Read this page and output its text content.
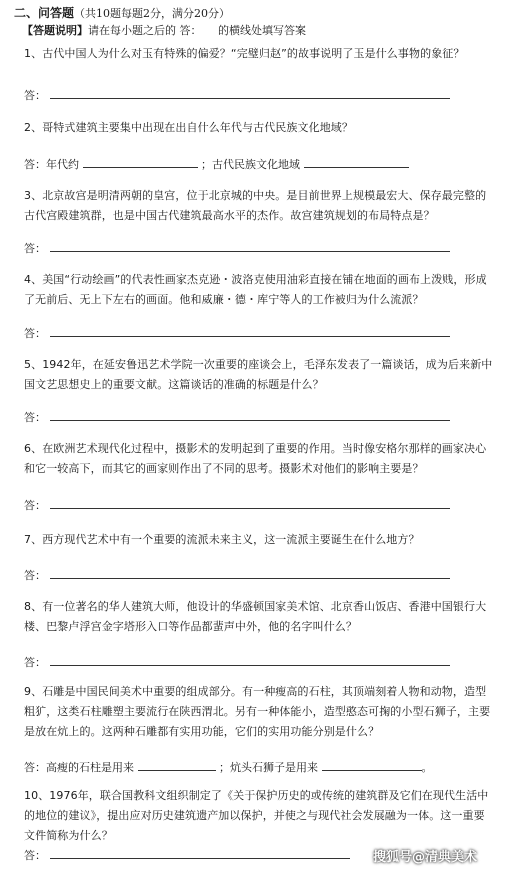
二、问答题（共10题每题2分，满分20分）
【答题说明】请在每小题之后的 答：　　的横线处填写答案
1、古代中国人为什么对玉有特殊的偏爱？“完璧归赵”的故事说明了玉是什么事物的象征？
答：
2、哥特式建筑主要集中出现在出自什么年代与古代民族文化地域？
答：年代约	；古代民族文化地域
3、北京故宫是明清两朝的皇宫，位于北京城的中央。是目前世界上规模最宏大、保存最完整的古代宫殿建筑群，也是中国古代建筑最高水平的杰作。故宫建筑规划的布局特点是？
答：
4、美国“行动绘画”的代表性画家杰克逊・波洛克使用油彩直接在铺在地面的画布上泼贱，形成了无前后、无上下左右的画面。他和威廉・德・库宁等人的工作被归为什么流派？
答：
5、1942年，在延安鲁迅艺术学院一次重要的座谈会上，毛泽东发表了一篇谈话，成为后来新中国文艺思想史上的重要文献。这篇谈话的准确的标题是什么？
答：
6、在欧洲艺术现代化过程中，摄影术的发明起到了重要的作用。当时像安格尔那样的画家决心和它一较高下，而其它的画家则作出了不同的思考。摄影术对他们的影响主要是？
答：
7、西方现代艺术中有一个重要的流派未来主义，这一流派主要诞生在什么地方？
答：
8、有一位著名的华人建筑大师，他设计的华盛顿国家美术馆、北京香山饭店、香港中国银行大楼、巴黎卢浮宫金字塔形入口等作品都蜚声中外，他的名字叫什么？
答：
9、石雕是中国民间美术中重要的组成部分。有一种瘦高的石柱，其顶端刻着人物和动物，造型粗犷，这类石柱雕塑主要流行在陕西渭北。另有一种体能小，造型憨态可掬的小型石狮子，主要是放在炕上的。这两种石雕都有实用功能，它们的实用功能分别是什么？
答：高瘦的石柱是用来	；炕头石狮子是用来	。
10、1976年，联合国教科文组织制定了《关于保护历史的或传统的建筑群及它们在现代生活中的地位的建议》，提出应对历史建筑遗产加以保护，并使之与现代社会发展融为一体。这一重要文件简称为什么？
答：	搜狐号@清典美术
